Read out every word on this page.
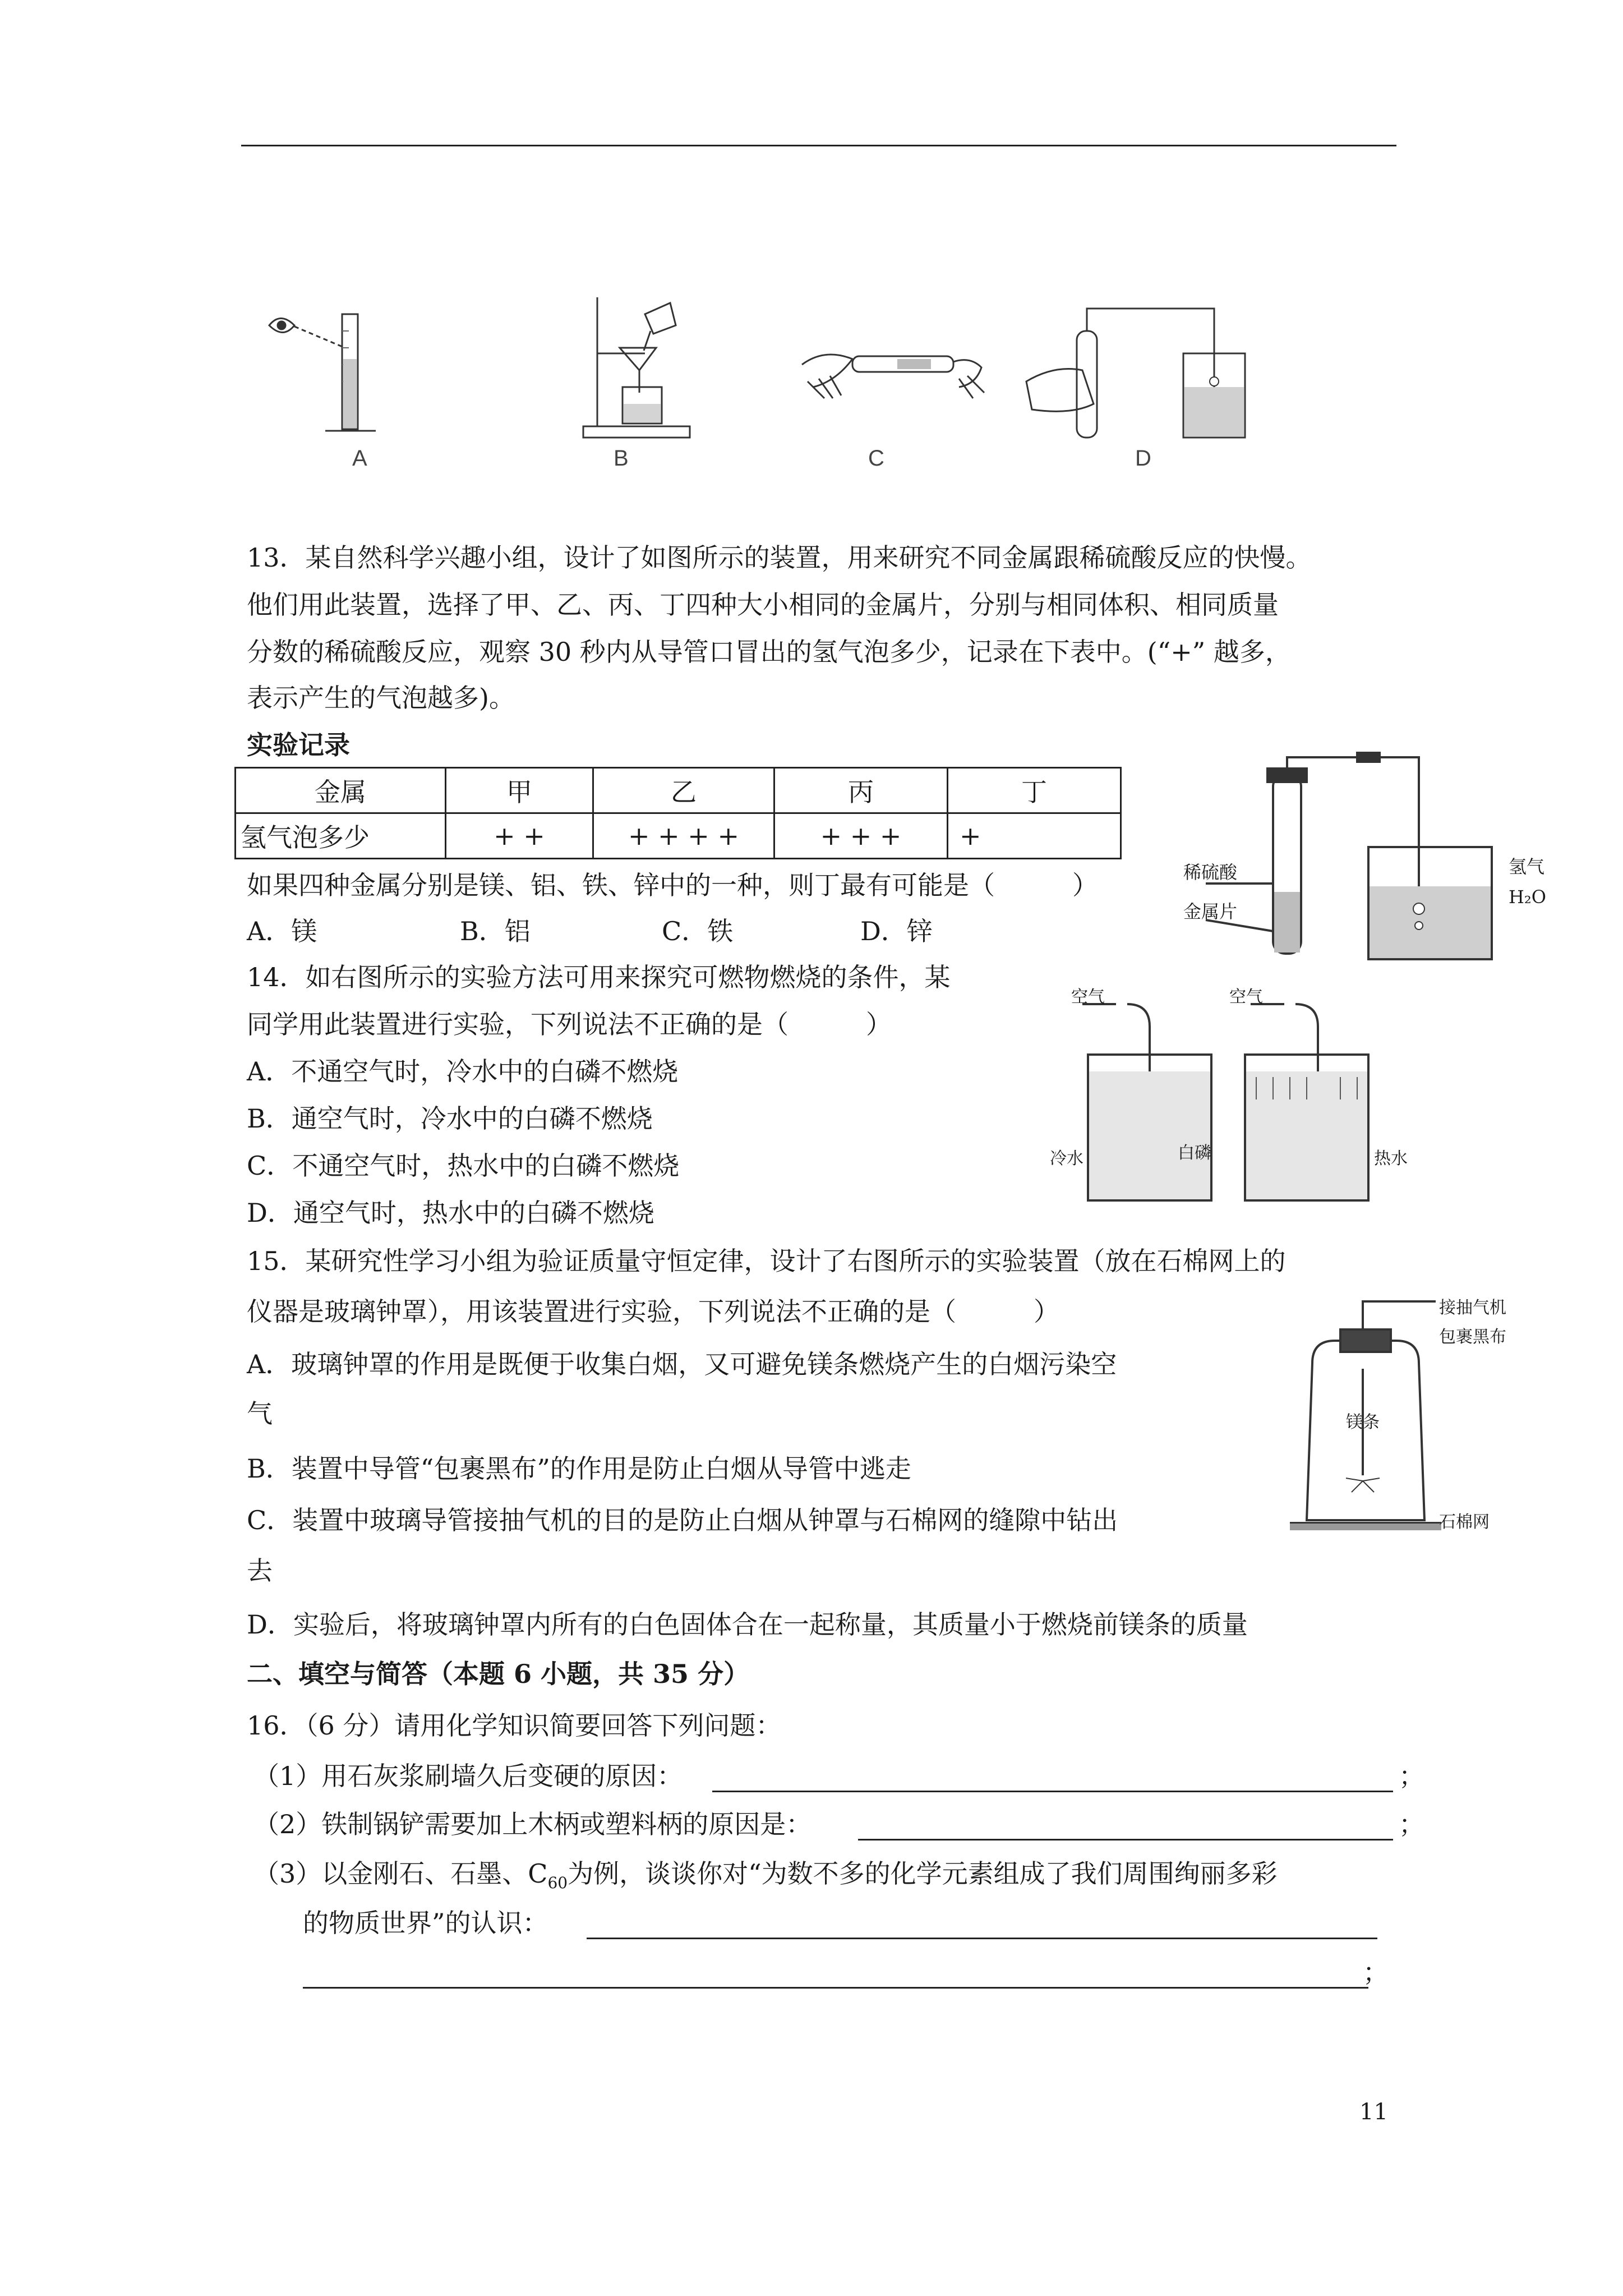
A	B	C	D
13．某自然科学兴趣小组，设计了如图所示的装置，用来研究不同金属跟稀硫酸反应的快慢。
他们用此装置，选择了甲、乙、丙、丁四种大小相同的金属片，分别与相同体积、相同质量
分数的稀硫酸反应，观察 30 秒内从导管口冒出的氢气泡多少，记录在下表中。(“+” 越多，
表示产生的气泡越多)。
实验记录
金属	甲	乙	丙	丁
氢气泡多少	+ +	+ + + +	+ + +	+
如果四种金属分别是镁、铝、铁、锌中的一种，则丁最有可能是（　　　）
A．镁	B．铝	C．铁	D．锌
稀硫酸
金属片
氢气
H₂O
14．如右图所示的实验方法可用来探究可燃物燃烧的条件，某
同学用此装置进行实验，下列说法不正确的是（　　　）
A．不通空气时，冷水中的白磷不燃烧
B．通空气时，冷水中的白磷不燃烧
C．不通空气时，热水中的白磷不燃烧
D．通空气时，热水中的白磷不燃烧
空气	空气
冷水	白磷	热水
15．某研究性学习小组为验证质量守恒定律，设计了右图所示的实验装置（放在石棉网上的
仪器是玻璃钟罩），用该装置进行实验，下列说法不正确的是（　　　）
A．玻璃钟罩的作用是既便于收集白烟，又可避免镁条燃烧产生的白烟污染空
气
B．装置中导管“包裹黑布”的作用是防止白烟从导管中逃走
C．装置中玻璃导管接抽气机的目的是防止白烟从钟罩与石棉网的缝隙中钻出
去
D．实验后，将玻璃钟罩内所有的白色固体合在一起称量，其质量小于燃烧前镁条的质量
接抽气机
包裹黑布
镁条
石棉网
二、填空与简答（本题 6 小题，共 35 分）
16．（6 分）请用化学知识简要回答下列问题：
（1）用石灰浆刷墙久后变硬的原因：	；
（2）铁制锅铲需要加上木柄或塑料柄的原因是：	；
（3）以金刚石、石墨、$C_{60}$为例，谈谈你对“为数不多的化学元素组成了我们周围绚丽多彩
的物质世界”的认识：
；
11
